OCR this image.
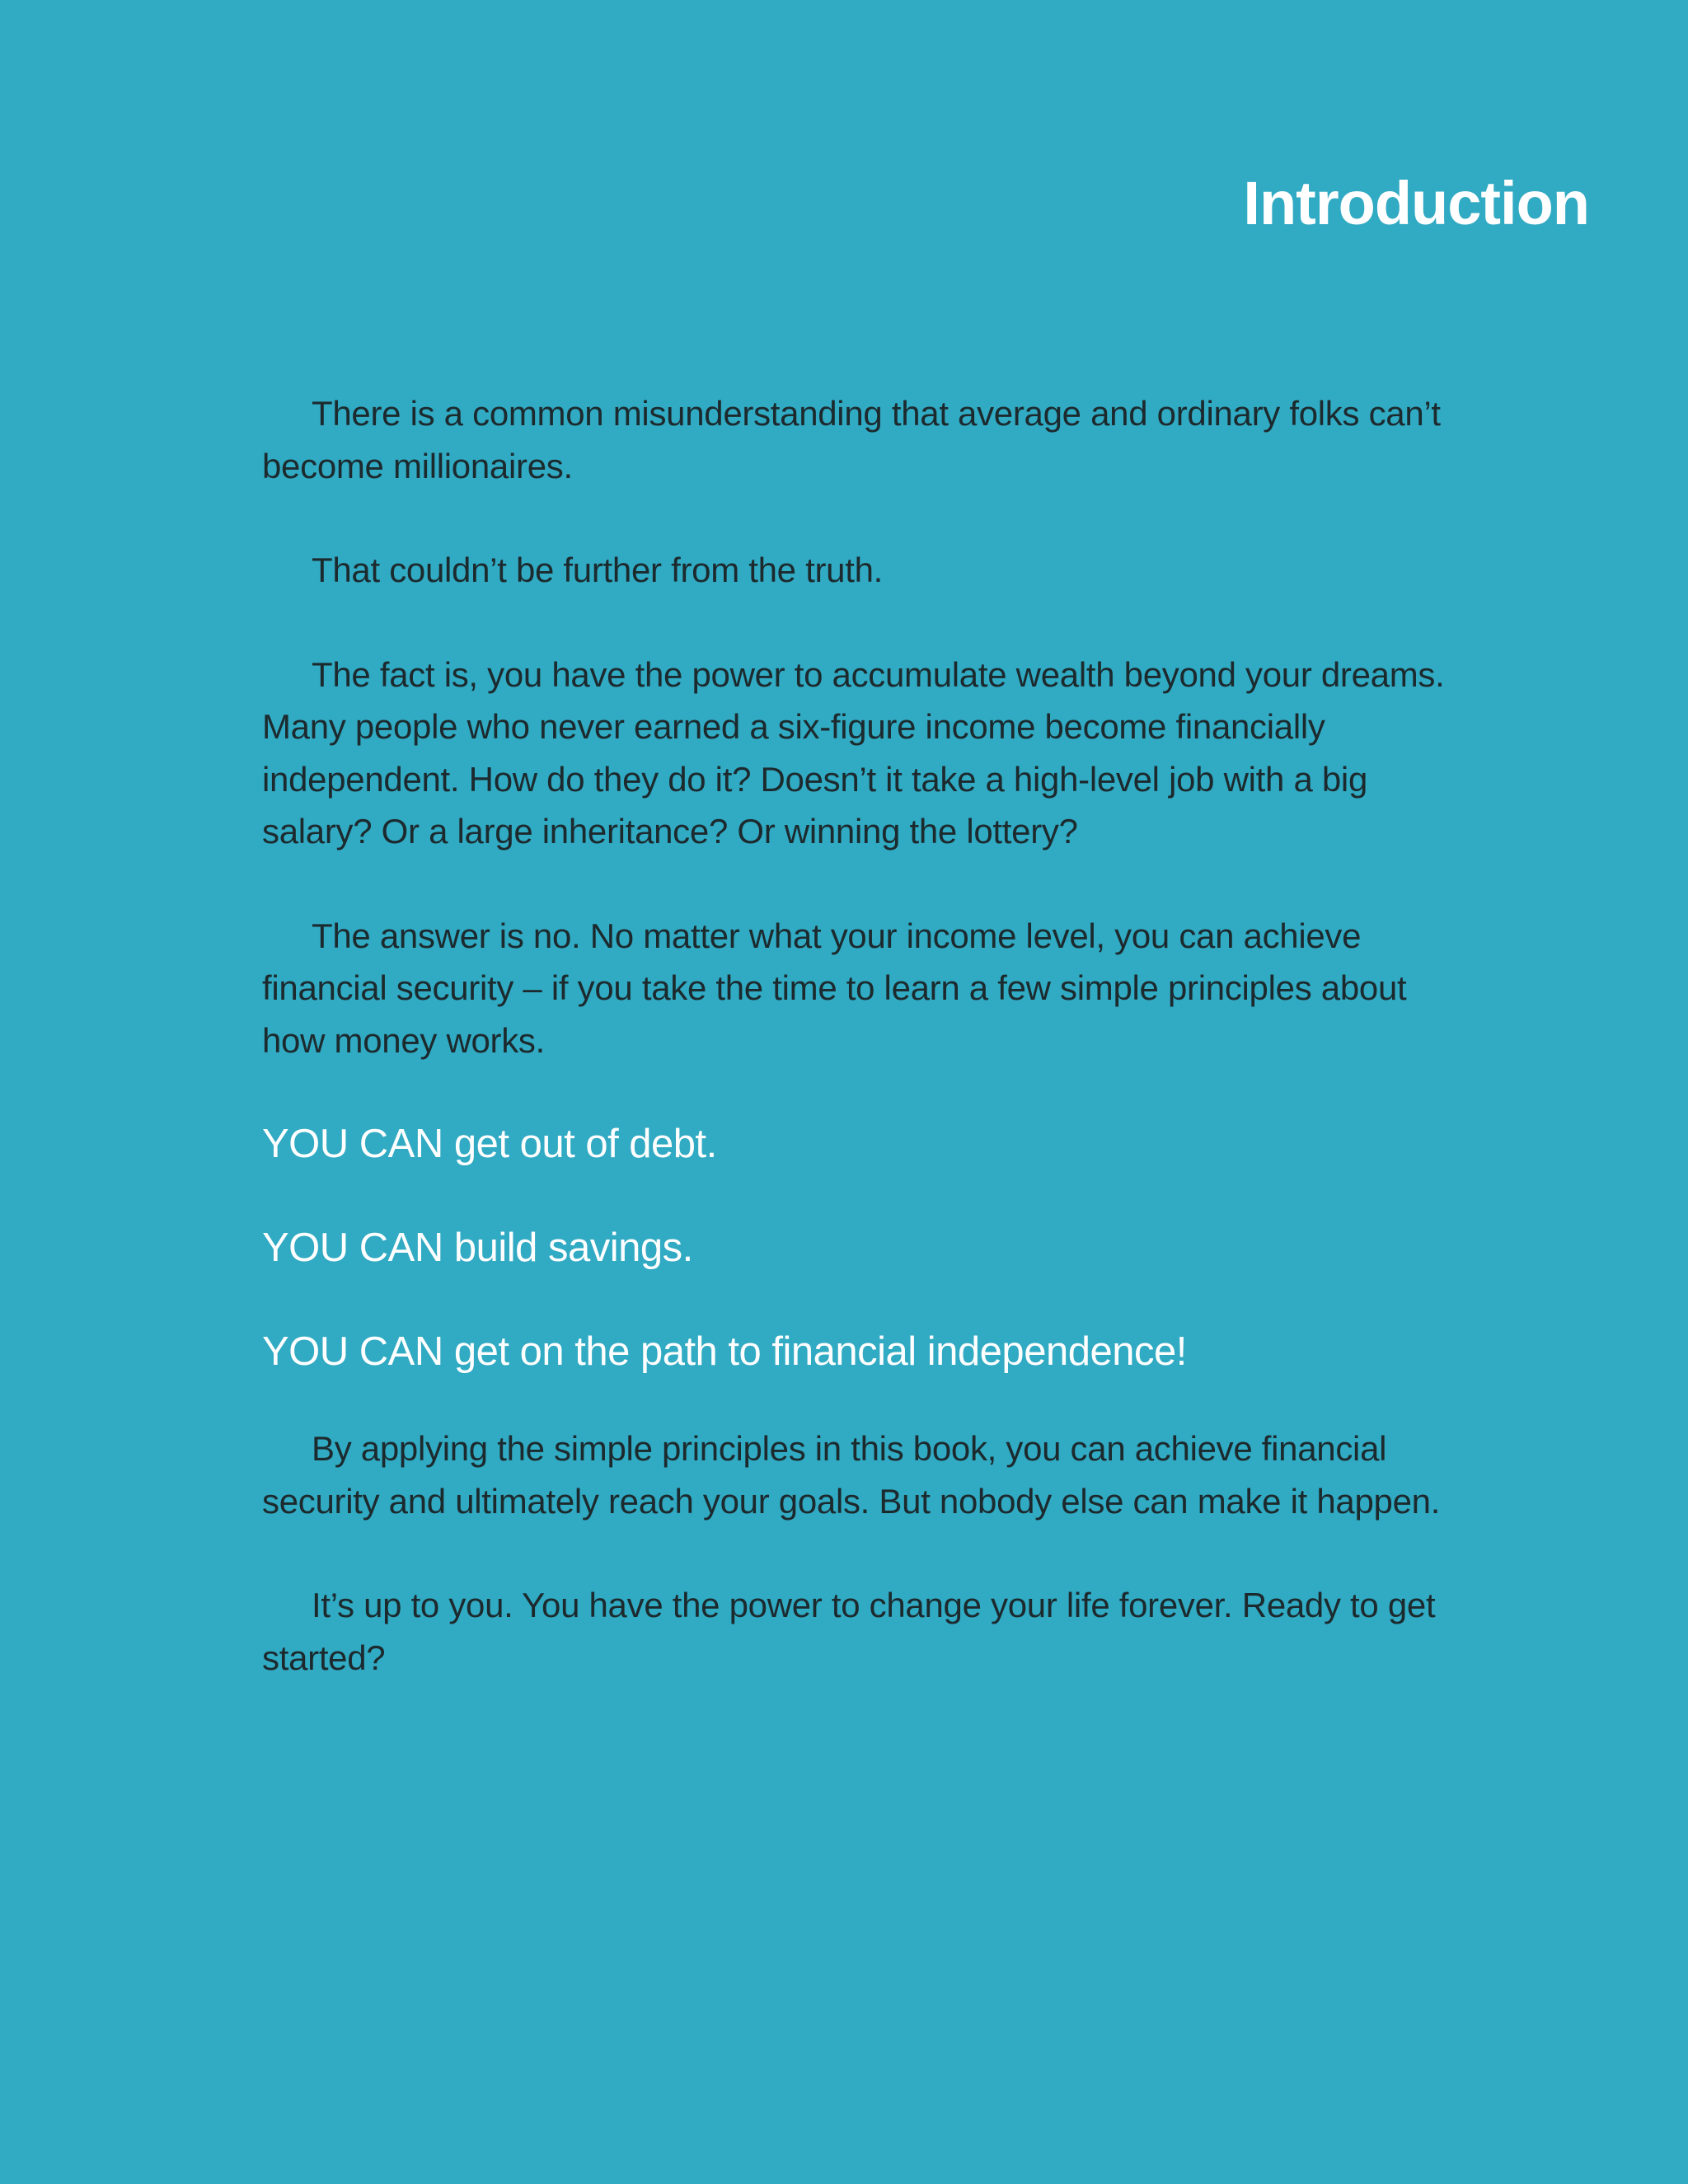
Introduction

There is a common misunderstanding that average and ordinary folks can’t become millionaires.

That couldn’t be further from the truth.

The fact is, you have the power to accumulate wealth beyond your dreams. Many people who never earned a six-figure income become financially independent. How do they do it? Doesn’t it take a high-level job with a big salary? Or a large inheritance? Or winning the lottery?

The answer is no. No matter what your income level, you can achieve financial security – if you take the time to learn a few simple principles about how money works.

YOU CAN get out of debt.

YOU CAN build savings.

YOU CAN get on the path to financial independence!

By applying the simple principles in this book, you can achieve financial security and ultimately reach your goals. But nobody else can make it happen.

It’s up to you. You have the power to change your life forever. Ready to get started?
